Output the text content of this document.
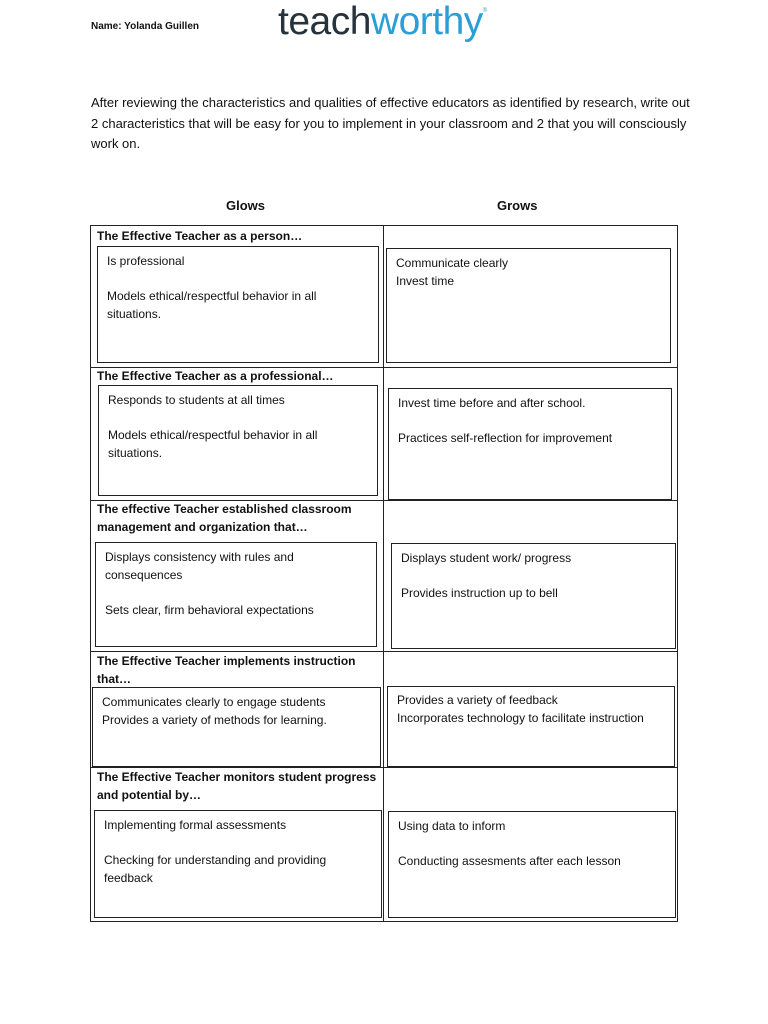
Name: Yolanda Guillen teachworthy®
After reviewing the characteristics and qualities of effective educators as identified by research, write out 2 characteristics that will be easy for you to implement in your classroom and 2 that you will consciously work on.
Glows	Grows
The Effective Teacher as a person…
Is professional
Models ethical/respectful behavior in all
situations.
Communicate clearly
Invest time
The Effective Teacher as a professional…
Responds to students at all times
Models ethical/respectful behavior in all
situations.
Invest time before and after school.
Practices self-reflection for improvement
The effective Teacher established classroom management and organization that…
Displays consistency with rules and
consequences
Sets clear, firm behavioral expectations
Displays student work/ progress
Provides instruction up to bell
The Effective Teacher implements instruction that…
Communicates clearly to engage students
Provides a variety of methods for learning.
Provides a variety of feedback
Incorporates technology to facilitate instruction
The Effective Teacher monitors student progress and potential by…
Implementing formal assessments
Checking for understanding and providing
feedback
Using data to inform
Conducting assesments after each lesson
